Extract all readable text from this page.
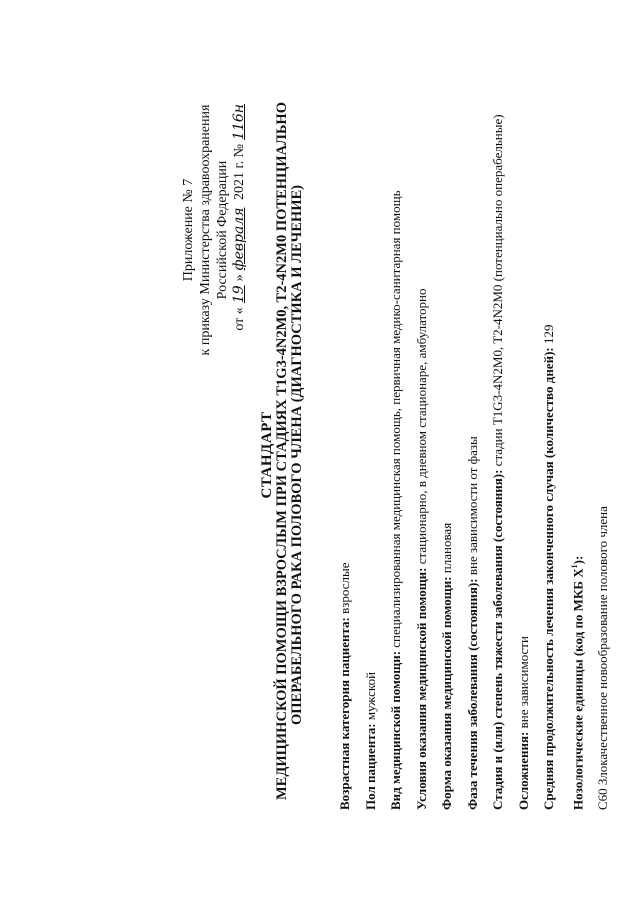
Приложение № 7 к приказу Министерства здравоохранения Российской Федерации
от «19»февраля 2021 г. №116н
СТАНДАРТ МЕДИЦИНСКОЙ ПОМОЩИ ВЗРОСЛЫМ ПРИ СТАДИЯХ T1G3-4N2M0, T2-4N2M0 ПОТЕНЦИАЛЬНО ОПЕРАБЕЛЬНОГО РАКА ПОЛОВОГО ЧЛЕНА (ДИАГНОСТИКА И ЛЕЧЕНИЕ)	Возрастная категория пациента: взрослые
Пол пациента: мужской Вид медицинской помощи: специализированная медицинская помощь, первичная медико-санитарная помощь
Условия оказания медицинской помощи: стационарно, в дневном стационаре, амбулаторно
Форма оказания медицинской помощи: плановая
Фаза течения заболевания (состояния): вне зависимости от фазы Стадия и (или) степень тяжести заболевания (состояния): стадии T1G3-4N2M0, T2-4N2M0 (потенциально операбельные)
Осложнения: вне зависимости Средняя продолжительность лечения законченного случая (количество дней): 129
Нозологические единицы (код по МКБ $X^1$): C60 Злокачественное новообразование полового члена
